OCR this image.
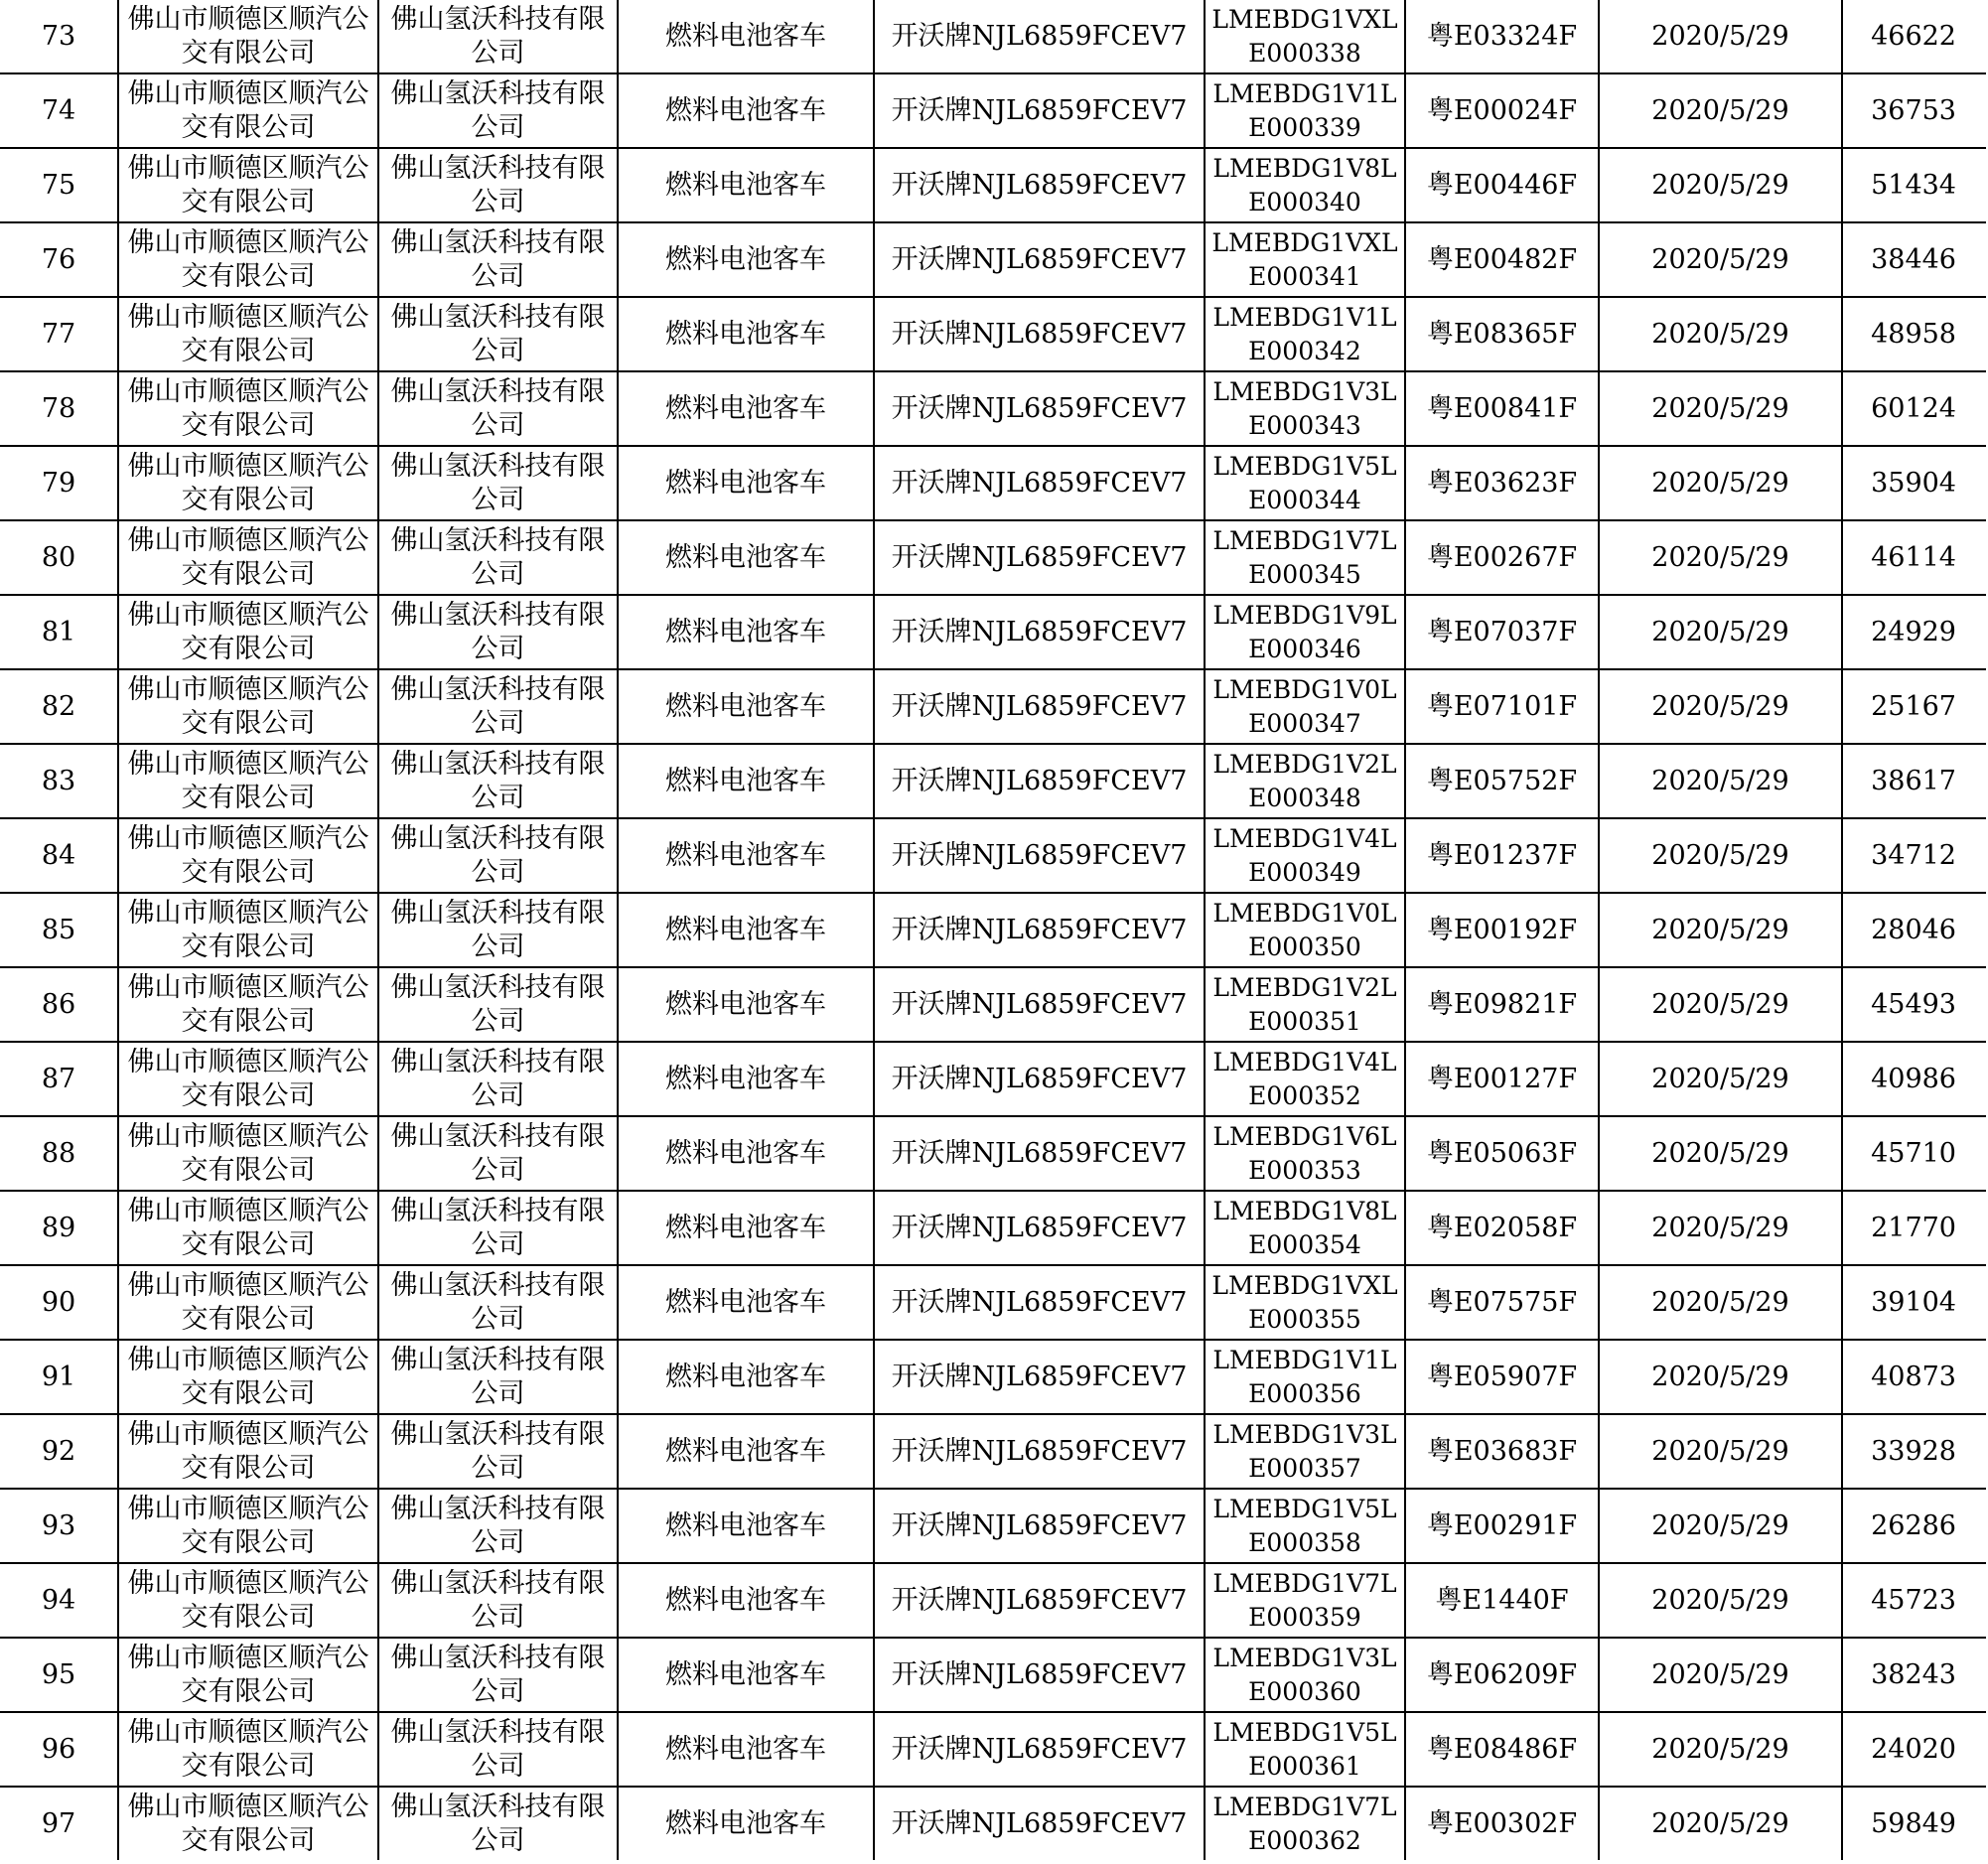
73	佛山市顺德区顺汽公交有限公司	佛山氢沃科技有限公司	燃料电池客车	开沃牌NJL6859FCEV7	LMEBDG1VXLE000338	粤E03324F	2020/5/29	46622
74	佛山市顺德区顺汽公交有限公司	佛山氢沃科技有限公司	燃料电池客车	开沃牌NJL6859FCEV7	LMEBDG1V1LE000339	粤E00024F	2020/5/29	36753
75	佛山市顺德区顺汽公交有限公司	佛山氢沃科技有限公司	燃料电池客车	开沃牌NJL6859FCEV7	LMEBDG1V8LE000340	粤E00446F	2020/5/29	51434
76	佛山市顺德区顺汽公交有限公司	佛山氢沃科技有限公司	燃料电池客车	开沃牌NJL6859FCEV7	LMEBDG1VXLE000341	粤E00482F	2020/5/29	38446
77	佛山市顺德区顺汽公交有限公司	佛山氢沃科技有限公司	燃料电池客车	开沃牌NJL6859FCEV7	LMEBDG1V1LE000342	粤E08365F	2020/5/29	48958
78	佛山市顺德区顺汽公交有限公司	佛山氢沃科技有限公司	燃料电池客车	开沃牌NJL6859FCEV7	LMEBDG1V3LE000343	粤E00841F	2020/5/29	60124
79	佛山市顺德区顺汽公交有限公司	佛山氢沃科技有限公司	燃料电池客车	开沃牌NJL6859FCEV7	LMEBDG1V5LE000344	粤E03623F	2020/5/29	35904
80	佛山市顺德区顺汽公交有限公司	佛山氢沃科技有限公司	燃料电池客车	开沃牌NJL6859FCEV7	LMEBDG1V7LE000345	粤E00267F	2020/5/29	46114
81	佛山市顺德区顺汽公交有限公司	佛山氢沃科技有限公司	燃料电池客车	开沃牌NJL6859FCEV7	LMEBDG1V9LE000346	粤E07037F	2020/5/29	24929
82	佛山市顺德区顺汽公交有限公司	佛山氢沃科技有限公司	燃料电池客车	开沃牌NJL6859FCEV7	LMEBDG1V0LE000347	粤E07101F	2020/5/29	25167
83	佛山市顺德区顺汽公交有限公司	佛山氢沃科技有限公司	燃料电池客车	开沃牌NJL6859FCEV7	LMEBDG1V2LE000348	粤E05752F	2020/5/29	38617
84	佛山市顺德区顺汽公交有限公司	佛山氢沃科技有限公司	燃料电池客车	开沃牌NJL6859FCEV7	LMEBDG1V4LE000349	粤E01237F	2020/5/29	34712
85	佛山市顺德区顺汽公交有限公司	佛山氢沃科技有限公司	燃料电池客车	开沃牌NJL6859FCEV7	LMEBDG1V0LE000350	粤E00192F	2020/5/29	28046
86	佛山市顺德区顺汽公交有限公司	佛山氢沃科技有限公司	燃料电池客车	开沃牌NJL6859FCEV7	LMEBDG1V2LE000351	粤E09821F	2020/5/29	45493
87	佛山市顺德区顺汽公交有限公司	佛山氢沃科技有限公司	燃料电池客车	开沃牌NJL6859FCEV7	LMEBDG1V4LE000352	粤E00127F	2020/5/29	40986
88	佛山市顺德区顺汽公交有限公司	佛山氢沃科技有限公司	燃料电池客车	开沃牌NJL6859FCEV7	LMEBDG1V6LE000353	粤E05063F	2020/5/29	45710
89	佛山市顺德区顺汽公交有限公司	佛山氢沃科技有限公司	燃料电池客车	开沃牌NJL6859FCEV7	LMEBDG1V8LE000354	粤E02058F	2020/5/29	21770
90	佛山市顺德区顺汽公交有限公司	佛山氢沃科技有限公司	燃料电池客车	开沃牌NJL6859FCEV7	LMEBDG1VXLE000355	粤E07575F	2020/5/29	39104
91	佛山市顺德区顺汽公交有限公司	佛山氢沃科技有限公司	燃料电池客车	开沃牌NJL6859FCEV7	LMEBDG1V1LE000356	粤E05907F	2020/5/29	40873
92	佛山市顺德区顺汽公交有限公司	佛山氢沃科技有限公司	燃料电池客车	开沃牌NJL6859FCEV7	LMEBDG1V3LE000357	粤E03683F	2020/5/29	33928
93	佛山市顺德区顺汽公交有限公司	佛山氢沃科技有限公司	燃料电池客车	开沃牌NJL6859FCEV7	LMEBDG1V5LE000358	粤E00291F	2020/5/29	26286
94	佛山市顺德区顺汽公交有限公司	佛山氢沃科技有限公司	燃料电池客车	开沃牌NJL6859FCEV7	LMEBDG1V7LE000359	粤E1440F	2020/5/29	45723
95	佛山市顺德区顺汽公交有限公司	佛山氢沃科技有限公司	燃料电池客车	开沃牌NJL6859FCEV7	LMEBDG1V3LE000360	粤E06209F	2020/5/29	38243
96	佛山市顺德区顺汽公交有限公司	佛山氢沃科技有限公司	燃料电池客车	开沃牌NJL6859FCEV7	LMEBDG1V5LE000361	粤E08486F	2020/5/29	24020
97	佛山市顺德区顺汽公交有限公司	佛山氢沃科技有限公司	燃料电池客车	开沃牌NJL6859FCEV7	LMEBDG1V7LE000362	粤E00302F	2020/5/29	59849
